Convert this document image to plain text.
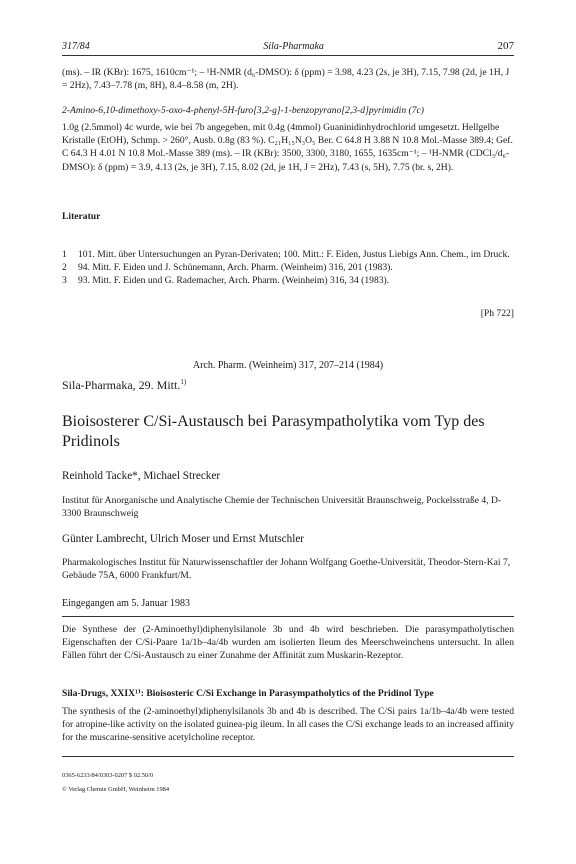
317/84	Sila-Pharmaka	207

(ms). – IR (KBr): 1675, 1610cm⁻¹; – ¹H-NMR (d₆-DMSO): δ (ppm) = 3.98, 4.23 (2s, je 3H), 7.15, 7.98 (2d, je 1H, J = 2Hz), 7.43–7.78 (m, 8H), 8.4–8.58 (m, 2H).

2-Amino-6,10-dimethoxy-5-oxo-4-phenyl-5H-furo[3,2-g]-1-benzopyrano[2,3-d]pyrimidin (7c)

1.0g (2.5mmol) 4c wurde, wie bei 7b angegeben, mit 0.4g (4mmol) Guaninidinhydrochlorid umgesetzt. Hellgelbe Kristalle (EtOH), Schmp. > 260°, Ausb. 0.8g (83 %). C₂₁H₁₅N₃O₅ Ber. C 64.8 H 3.88 N 10.8 Mol.-Masse 389.4; Gef. C 64.3 H 4.01 N 10.8 Mol.-Masse 389 (ms). – IR (KBr): 3500, 3300, 3180, 1655, 1635cm⁻¹; – ¹H-NMR (CDCl₃/d₆-DMSO): δ (ppm) = 3.9, 4.13 (2s, je 3H), 7.15, 8.02 (2d, je 1H, J = 2Hz), 7.43 (s, 5H), 7.75 (br. s, 2H).

Literatur
1	101. Mitt. über Untersuchungen an Pyran-Derivaten; 100. Mitt.: F. Eiden, Justus Liebigs Ann. Chem., im Druck.
2	94. Mitt. F. Eiden und J. Schünemann, Arch. Pharm. (Weinheim) 316, 201 (1983).
3	93. Mitt. F. Eiden und G. Rademacher, Arch. Pharm. (Weinheim) 316, 34 (1983).
[Ph 722]
Arch. Pharm. (Weinheim) 317, 207–214 (1984)
Sila-Pharmaka, 29. Mitt.$^{1)}$
Bioisosterer C/Si-Austausch bei Parasympatholytika vom Typ des Pridinols
Reinhold Tacke*, Michael Strecker
Institut für Anorganische und Analytische Chemie der Technischen Universität Braunschweig, Pockelsstraße 4, D-3300 Braunschweig
Günter Lambrecht, Ulrich Moser und Ernst Mutschler
Pharmakologisches Institut für Naturwissenschaftler der Johann Wolfgang Goethe-Universität, Theodor-Stern-Kai 7, Gebäude 75A, 6000 Frankfurt/M.
Eingegangen am 5. Januar 1983

Die Synthese der (2-Aminoethyl)diphenylsilanole 3b und 4b wird beschrieben. Die parasympatholytischen Eigenschaften der C/Si-Paare 1a/1b–4a/4b wurden am isolierten Ileum des Meerschweinchens untersucht. In allen Fällen führt der C/Si-Austausch zu einer Zunahme der Affinität zum Muskarin-Rezeptor.

Sila-Drugs, XXIX¹⁾: Bioisosteric C/Si Exchange in Parasympatholytics of the Pridinol Type

The synthesis of the (2-aminoethyl)diphenylsilanols 3b and 4b is described. The C/Si pairs 1a/1b–4a/4b were tested for atropine-like activity on the isolated guinea-pig ileum. In all cases the C/Si exchange leads to an increased affinity for the muscarine-sensitive acetylcholine receptor.

0365-6233/84/0303-0207 $ 02.50/0

© Verlag Chemie GmbH, Weinheim 1984
